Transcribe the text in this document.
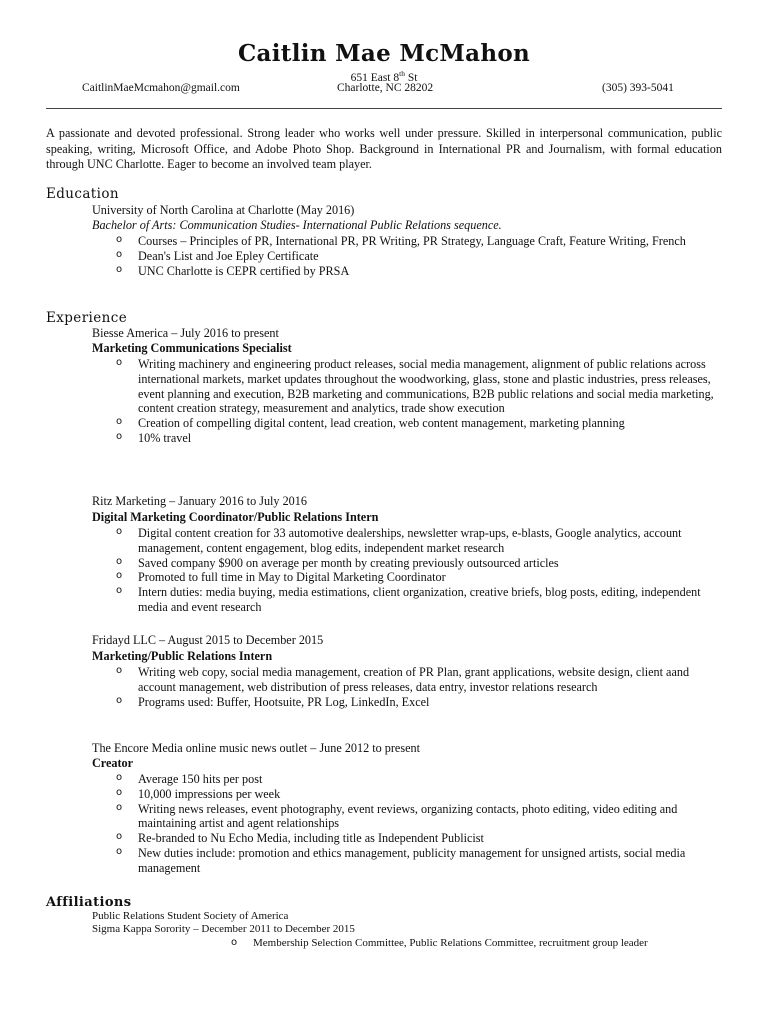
Caitlin Mae McMahon
651 East 8th St
CaitlinMaeMcmahon@gmail.com	Charlotte, NC 28202	(305) 393-5041
A passionate and devoted professional. Strong leader who works well under pressure. Skilled in interpersonal communication, public speaking, writing, Microsoft Office, and Adobe Photo Shop. Background in International PR and Journalism, with formal education through UNC Charlotte. Eager to become an involved team player.
Education
University of North Carolina at Charlotte (May 2016)
Bachelor of Arts: Communication Studies- International Public Relations sequence.
o Courses – Principles of PR, International PR, PR Writing, PR Strategy, Language Craft, Feature Writing, French
o Dean's List and Joe Epley Certificate
o UNC Charlotte is CEPR certified by PRSA
Experience
Biesse America – July 2016 to present
Marketing Communications Specialist
o Writing machinery and engineering product releases, social media management, alignment of public relations across international markets, market updates throughout the woodworking, glass, stone and plastic industries, press releases, event planning and execution, B2B marketing and communications, B2B public relations and social media marketing, content creation strategy, measurement and analytics, trade show execution
o Creation of compelling digital content, lead creation, web content management, marketing planning
o 10% travel
Ritz Marketing – January 2016 to July 2016
Digital Marketing Coordinator/Public Relations Intern
o Digital content creation for 33 automotive dealerships, newsletter wrap-ups, e-blasts, Google analytics, account management, content engagement, blog edits, independent market research
o Saved company $900 on average per month by creating previously outsourced articles
o Promoted to full time in May to Digital Marketing Coordinator
o Intern duties: media buying, media estimations, client organization, creative briefs, blog posts, editing, independent media and event research
Fridayd LLC – August 2015 to December 2015
Marketing/Public Relations Intern
o Writing web copy, social media management, creation of PR Plan, grant applications, website design, client aand account management, web distribution of press releases, data entry, investor relations research
o Programs used: Buffer, Hootsuite, PR Log, LinkedIn, Excel
The Encore Media online music news outlet – June 2012 to present
Creator
o Average 150 hits per post
o 10,000 impressions per week
o Writing news releases, event photography, event reviews, organizing contacts, photo editing, video editing and maintaining artist and agent relationships
o Re-branded to Nu Echo Media, including title as Independent Publicist
o New duties include: promotion and ethics management, publicity management for unsigned artists, social media management
Affiliations
Public Relations Student Society of America
Sigma Kappa Sorority – December 2011 to December 2015
o Membership Selection Committee, Public Relations Committee, recruitment group leader
